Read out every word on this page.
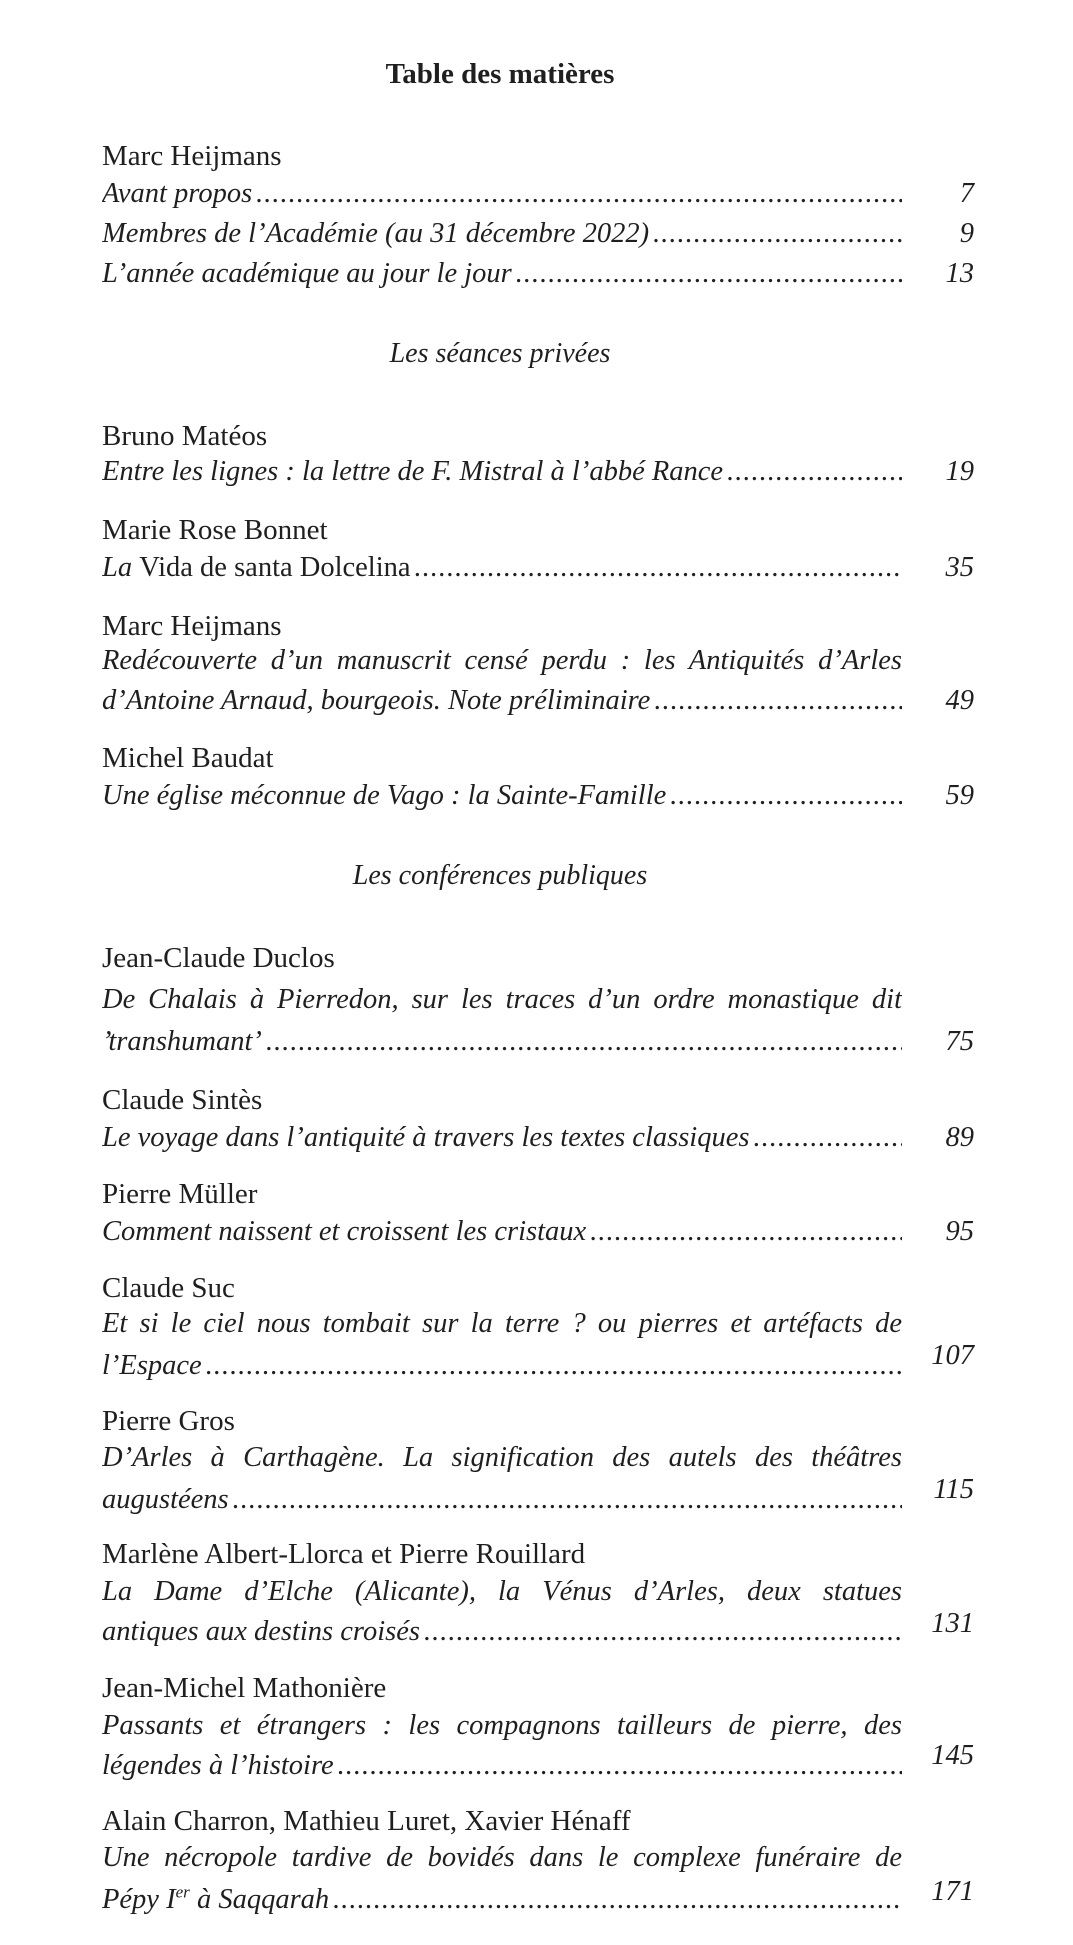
Table des matières
Marc Heijmans
Avant propos .....	7
Membres de l’Académie (au 31 décembre 2022) .....	9
L’année académique au jour le jour .....	13
Les séances privées
Bruno Matéos
Entre les lignes : la lettre de F. Mistral à l’abbé Rance .....	19
Marie Rose Bonnet
La Vida de santa Dolcelina .....	35
Marc Heijmans
Redécouverte d’un manuscrit censé perdu : les Antiquités d’Arles
d’Antoine Arnaud, bourgeois. Note préliminaire .....	49
Michel Baudat
Une église méconnue de Vago : la Sainte-Famille .....	59
Les conférences publiques
Jean-Claude Duclos
De Chalais à Pierredon, sur les traces d’un ordre monastique dit
’transhumant’ .....	75
Claude Sintès
Le voyage dans l’antiquité à travers les textes classiques .....	89
Pierre Müller
Comment naissent et croissent les cristaux .....	95
Claude Suc
Et si le ciel nous tombait sur la terre ? ou pierres et artéfacts de
l’Espace .....	107
Pierre Gros
D’Arles à Carthagène. La signification des autels des théâtres
augustéens .....	115
Marlène Albert-Llorca et Pierre Rouillard
La Dame d’Elche (Alicante), la Vénus d’Arles, deux statues
antiques aux destins croisés .....	131
Jean-Michel Mathonière
Passants et étrangers : les compagnons tailleurs de pierre, des
légendes à l’histoire .....	145
Alain Charron, Mathieu Luret, Xavier Hénaff
Une nécropole tardive de bovidés dans le complexe funéraire de
Pépy Ier à Saqqarah .....	171
